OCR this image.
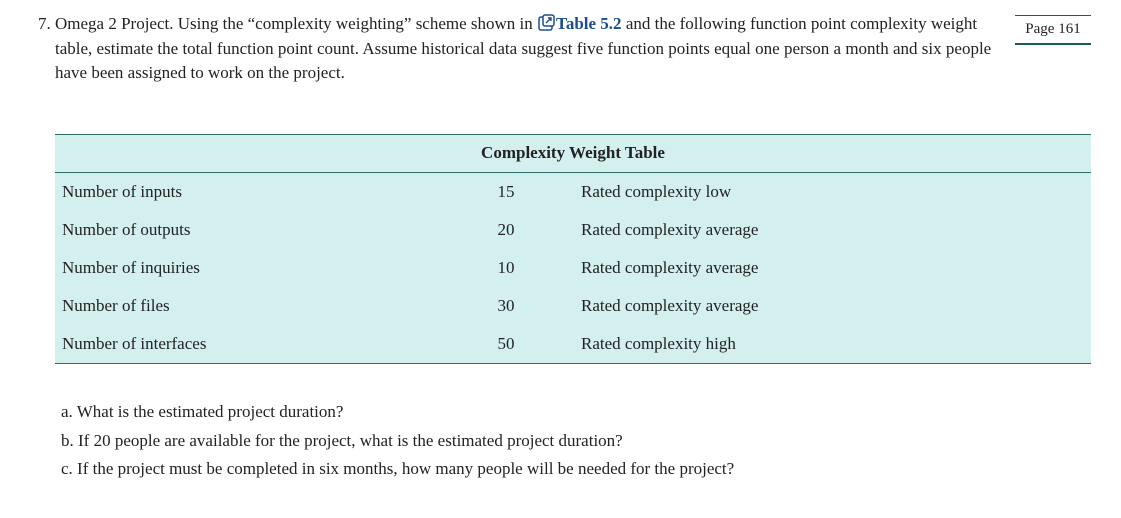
7. Omega 2 Project. Using the “complexity weighting” scheme shown in Table 5.2 and the following function point complexity weight table, estimate the total function point count. Assume historical data suggest five function points equal one person a month and six people have been assigned to work on the project.
Page 161
Complexity Weight Table
Number of inputs	15	Rated complexity low
Number of outputs	20	Rated complexity average
Number of inquiries	10	Rated complexity average
Number of files	30	Rated complexity average
Number of interfaces	50	Rated complexity high
a. What is the estimated project duration?
b. If 20 people are available for the project, what is the estimated project duration?
c. If the project must be completed in six months, how many people will be needed for the project?
